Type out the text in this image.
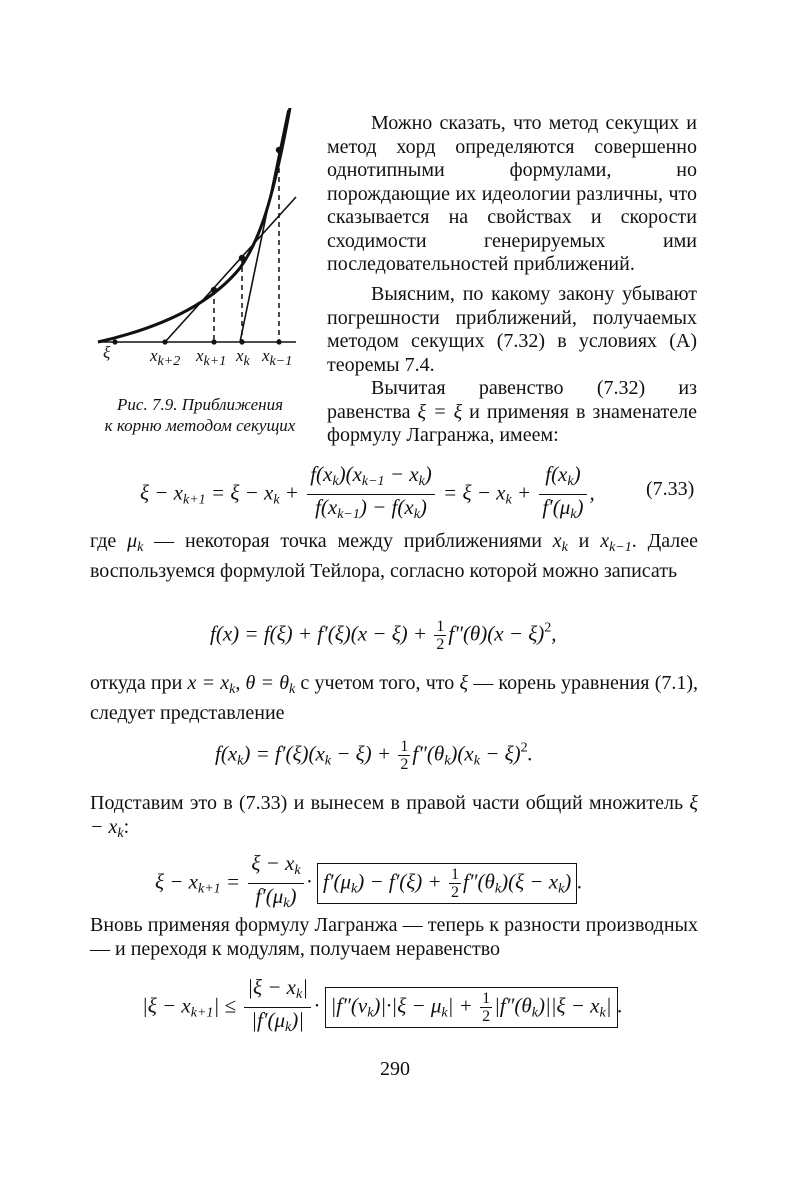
ξ $x_{k+2}$ $x_{k+1}$ $x_k$ $x_{k-1}$
Рис. 7.9. Приближения
к корню методом секущих
Можно сказать, что метод секущих и метод хорд определяются совершенно однотипными формулами, но порождающие их идеологии различны, что сказывается на свойствах и скорости сходимости генерируемых ими последовательностей приближений.
Выясним, по какому закону убывают погрешности приближений, получаемых методом секущих (7.32) в условиях (А) теоремы 7.4.
Вычитая равенство (7.32) из равенства ξ = ξ и применяя в знаменателе формулу Лагранжа, имеем:
$\xi - x_{k+1} = \xi - x_k + \frac{f(x_k)(x_{k-1} - x_k)}{f(x_{k-1}) - f(x_k)} = \xi - x_k + \frac{f(x_k)}{f'(\mu_k)}$ ,	(7.33)
где $\mu_k$ — некоторая точка между приближениями $x_k$ и $x_{k-1}$. Далее воспользуемся формулой Тейлора, согласно которой можно записать
$f(x) = f(\xi) + f'(\xi)(x - \xi) + \frac{1}{2} f''(\theta)(x - \xi)^2$,
откуда при $x = x_k$, $\theta = \theta_k$ с учетом того, что ξ — корень уравнения (7.1), следует представление
$f(x_k) = f'(\xi)(x_k - \xi) + \frac{1}{2} f''(\theta_k)(x_k - \xi)^2$.
Подставим это в (7.33) и вынесем в правой части общий множитель $\xi - x_k$:
$\xi - x_{k+1} = \frac{\xi - x_k}{f'(\mu_k)} \cdot f'(\mu_k) - f'(\xi) + \frac{1}{2} f''(\theta_k)(\xi - x_k)$ .
Вновь применяя формулу Лагранжа — теперь к разности производных — и переходя к модулям, получаем неравенство
$|\xi - x_{k+1}| \le \frac{|\xi - x_k|}{|f'(\mu_k)|} \cdot |f''(\nu_k)|\cdot|\xi - \mu_k| + \frac{1}{2} |f''(\theta_k)||\xi - x_k|$ .
290
